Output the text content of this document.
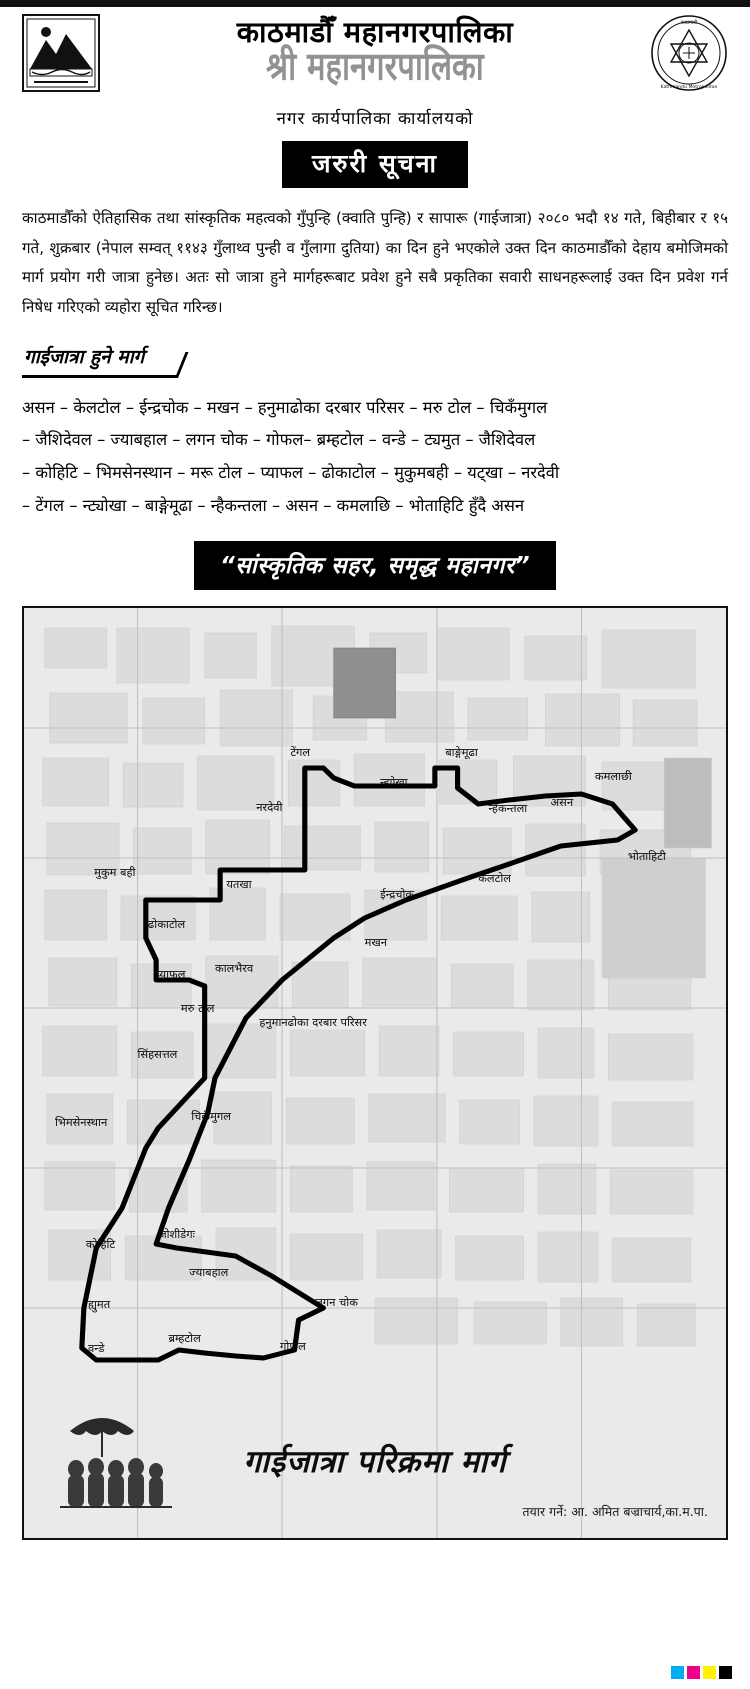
काठमाडौँ महानगरपालिका
श्री महानगरपालिका
काठमाडौं
Kathmandu Metropolitan
नगर कार्यपालिका कार्यालयको
जरुरी सूचना
काठमाडौँको ऐतिहासिक तथा सांस्कृतिक महत्वको गुँपुन्हि (क्वाति पुन्हि) र सापारू (गाईजात्रा) २०८० भदौ १४ गते, बिहीबार र १५ गते, शुक्रबार (नेपाल सम्वत् ११४३ गुँलाथ्व पुन्ही व गुँलागा दुतिया) का दिन हुने भएकोले उक्त दिन काठमाडौँको देहाय बमोजिमको मार्ग प्रयोग गरी जात्रा हुनेछ। अतः सो जात्रा हुने मार्गहरूबाट प्रवेश हुने सबै प्रकृतिका सवारी साधनहरूलाई उक्त दिन प्रवेश गर्न निषेध गरिएको व्यहोरा सूचित गरिन्छ।
गाईजात्रा हुने मार्ग
असन – केलटोल – ईन्द्रचोक – मखन – हनुमाढोका दरबार परिसर – मरु टोल – चिकँमुगल
– जैशिदेवल – ज्याबहाल – लगन चोक – गोफल– ब्रम्हटोल – वन्डे – ट्यमुत – जैशिदेवल
– कोहिटि – भिमसेनस्थान – मरू टोल – प्याफल – ढोकाटोल – मुकुमबही – यट्खा – नरदेवी
– टेंगल – न्ट्योखा – बाङ्गेमूढा – न्हैकन्तला – असन – कमलाछि – भोताहिटि हुँदै असन
“सांस्कृतिक सहर, समृद्ध महानगर”
टेंगल	बाङ्गेमूढा
न्ह्योखा	कमलाछी
नरदेवी	न्हैकन्तला असन
भोताहिटी
मुकुम बही
यतखा
ईन्द्रचोक
केलटोल
ढोकाटोल
मखन
प्याफल	कालभैरव
मरु टोल
हनुमानढोका दरबार परिसर
सिंहसत्तल
भिमसेनस्थान	चिकँमुगल
कोहिटि
जोशीडेगः
ज्याबहाल
ह्युमत	लगन चोक
ब्रम्हटोल
गोफल
वन्डे
गाईजात्रा परिक्रमा मार्ग
तयार गर्ने: आ. अमित बज्राचार्य,का.म.पा.
